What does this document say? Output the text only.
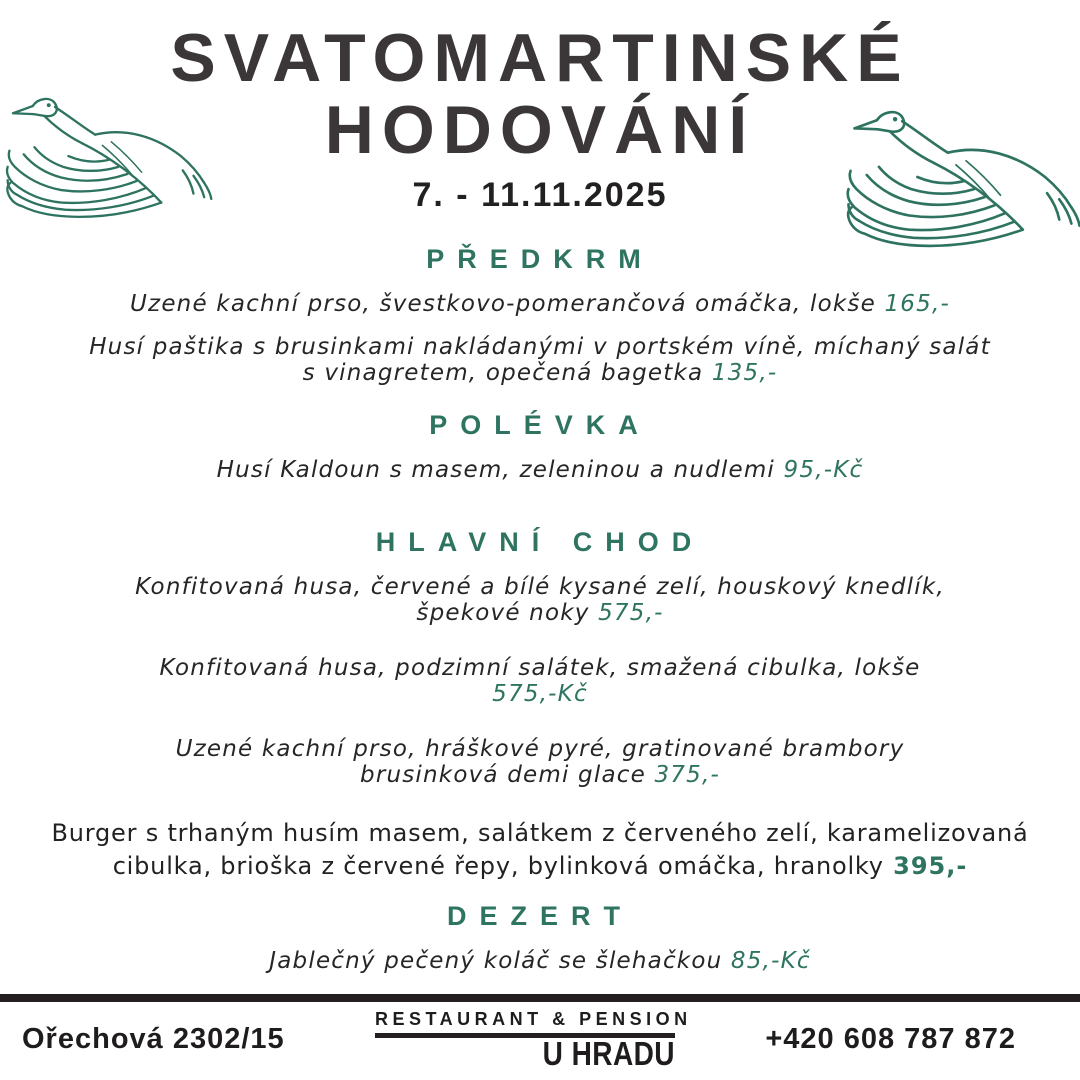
SVATOMARTINSKÉ
HODOVÁNÍ
7. - 11.11.2025
PŘEDKRM
Uzené kachní prso, švestkovo-pomerančová omáčka, lokše 165,-
Husí paštika s brusinkami nakládanými v portském víně, míchaný salát
s vinagretem, opečená bagetka 135,-
POLÉVKA
Husí Kaldoun s masem, zeleninou a nudlemi 95,-Kč
HLAVNÍ CHOD
Konfitovaná husa, červené a bílé kysané zelí, houskový knedlík,
špekové noky 575,-
Konfitovaná husa, podzimní salátek, smažená cibulka, lokše
575,-Kč
Uzené kachní prso, hráškové pyré, gratinované brambory
brusinková demi glace 375,-
Burger s trhaným husím masem, salátkem z červeného zelí, karamelizovaná
cibulka, brioška z červené řepy, bylinková omáčka, hranolky 395,-
DEZERT
Jablečný pečený koláč se šlehačkou 85,-Kč
Ořechová 2302/15
RESTAURANT & PENSION
U HRADU	+420 608 787 872
